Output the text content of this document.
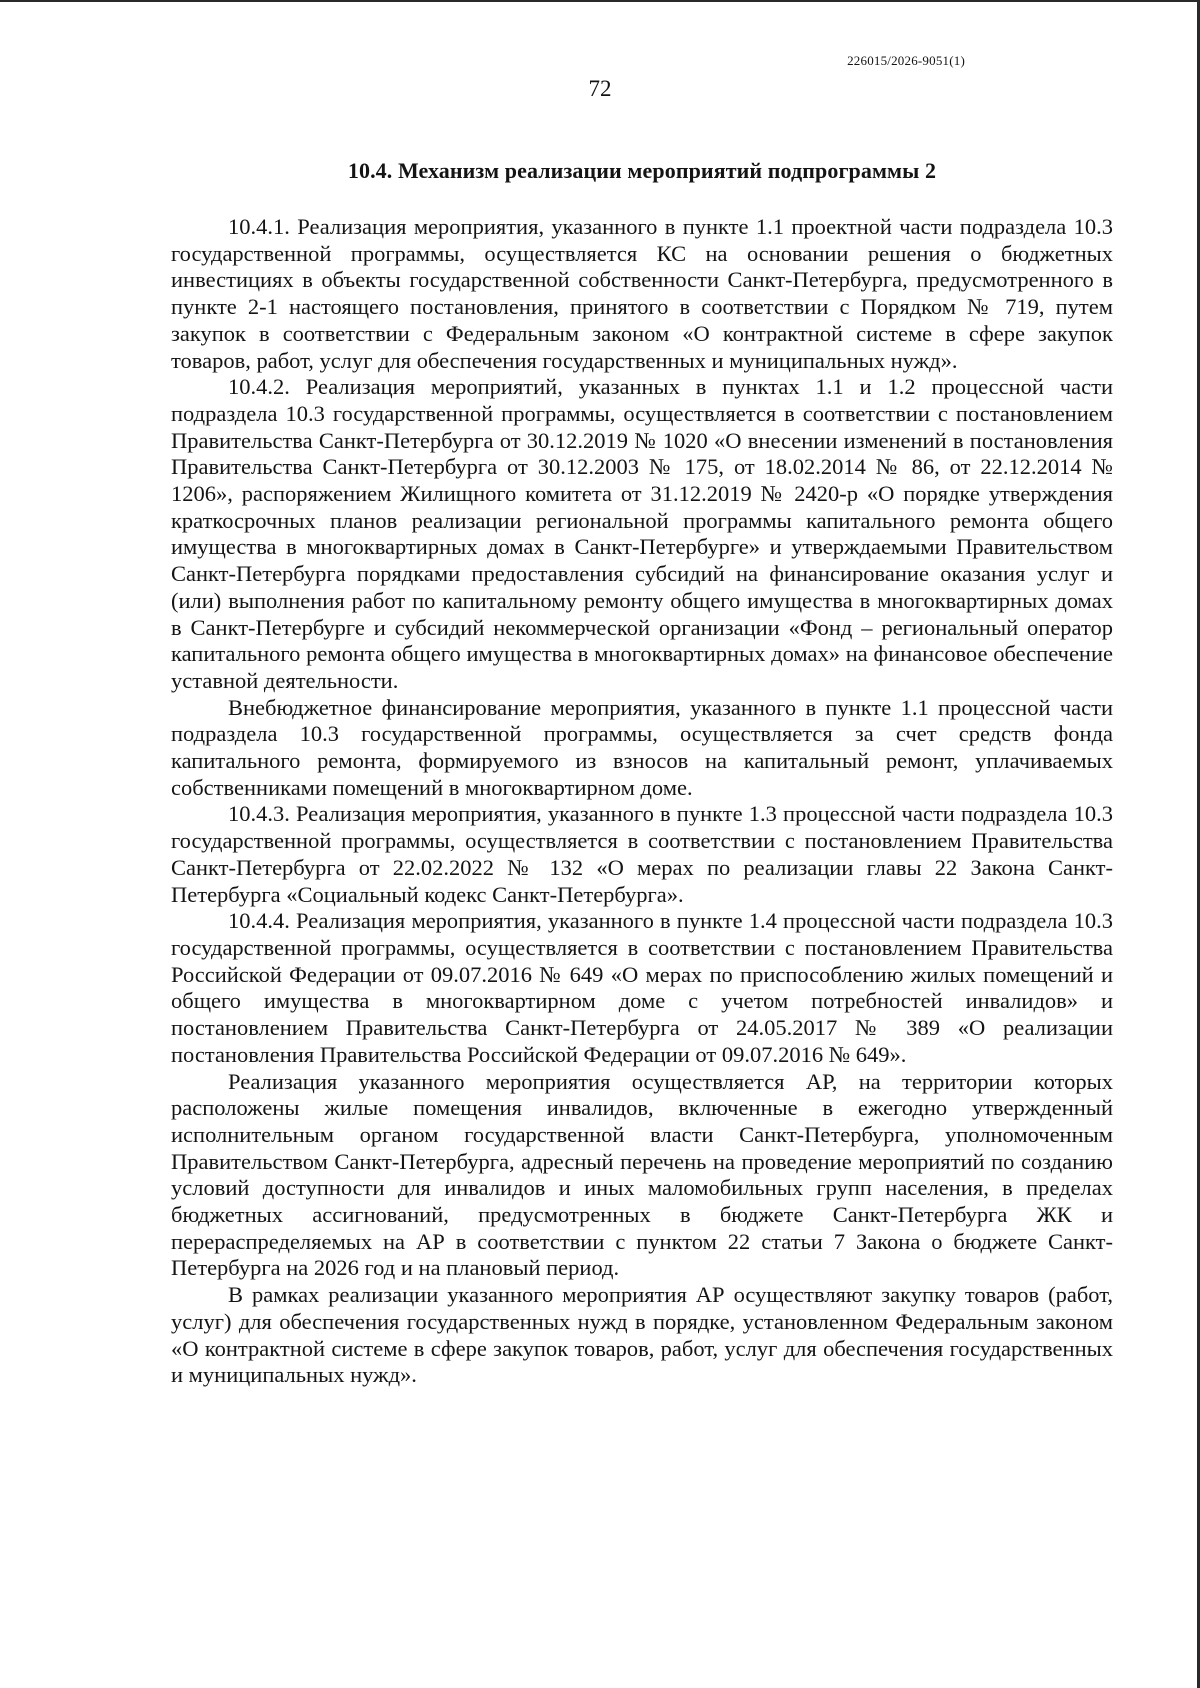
226015/2026-9051(1)
72
10.4. Механизм реализации мероприятий подпрограммы 2

10.4.1. Реализация мероприятия, указанного в пункте 1.1 проектной части подраздела 10.3 государственной программы, осуществляется КС на основании решения о бюджетных инвестициях в объекты государственной собственности Санкт-Петербурга, предусмотренного в пункте 2-1 настоящего постановления, принятого в соответствии с Порядком № 719, путем закупок в соответствии с Федеральным законом «О контрактной системе в сфере закупок товаров, работ, услуг для обеспечения государственных и муниципальных нужд».

10.4.2. Реализация мероприятий, указанных в пунктах 1.1 и 1.2 процессной части подраздела 10.3 государственной программы, осуществляется в соответствии с постановлением Правительства Санкт-Петербурга от 30.12.2019 № 1020 «О внесении изменений в постановления Правительства Санкт-Петербурга от 30.12.2003 № 175, от 18.02.2014 № 86, от 22.12.2014 № 1206», распоряжением Жилищного комитета от 31.12.2019 № 2420-р «О порядке утверждения краткосрочных планов реализации региональной программы капитального ремонта общего имущества в многоквартирных домах в Санкт-Петербурге» и утверждаемыми Правительством Санкт-Петербурга порядками предоставления субсидий на финансирование оказания услуг и (или) выполнения работ по капитальному ремонту общего имущества в многоквартирных домах в Санкт-Петербурге и субсидий некоммерческой организации «Фонд – региональный оператор капитального ремонта общего имущества в многоквартирных домах» на финансовое обеспечение уставной деятельности.

Внебюджетное финансирование мероприятия, указанного в пункте 1.1 процессной части подраздела 10.3 государственной программы, осуществляется за счет средств фонда капитального ремонта, формируемого из взносов на капитальный ремонт, уплачиваемых собственниками помещений в многоквартирном доме.

10.4.3. Реализация мероприятия, указанного в пункте 1.3 процессной части подраздела 10.3 государственной программы, осуществляется в соответствии с постановлением Правительства Санкт-Петербурга от 22.02.2022 № 132 «О мерах по реализации главы 22 Закона Санкт-Петербурга «Социальный кодекс Санкт-Петербурга».

10.4.4. Реализация мероприятия, указанного в пункте 1.4 процессной части подраздела 10.3 государственной программы, осуществляется в соответствии с постановлением Правительства Российской Федерации от 09.07.2016 № 649 «О мерах по приспособлению жилых помещений и общего имущества в многоквартирном доме с учетом потребностей инвалидов» и постановлением Правительства Санкт-Петербурга от 24.05.2017 № 389 «О реализации постановления Правительства Российской Федерации от 09.07.2016 № 649».

Реализация указанного мероприятия осуществляется АР, на территории которых расположены жилые помещения инвалидов, включенные в ежегодно утвержденный исполнительным органом государственной власти Санкт-Петербурга, уполномоченным Правительством Санкт-Петербурга, адресный перечень на проведение мероприятий по созданию условий доступности для инвалидов и иных маломобильных групп населения, в пределах бюджетных ассигнований, предусмотренных в бюджете Санкт-Петербурга ЖК и перераспределяемых на АР в соответствии с пунктом 22 статьи 7 Закона о бюджете Санкт-Петербурга на 2026 год и на плановый период.

В рамках реализации указанного мероприятия АР осуществляют закупку товаров (работ, услуг) для обеспечения государственных нужд в порядке, установленном Федеральным законом «О контрактной системе в сфере закупок товаров, работ, услуг для обеспечения государственных и муниципальных нужд».
